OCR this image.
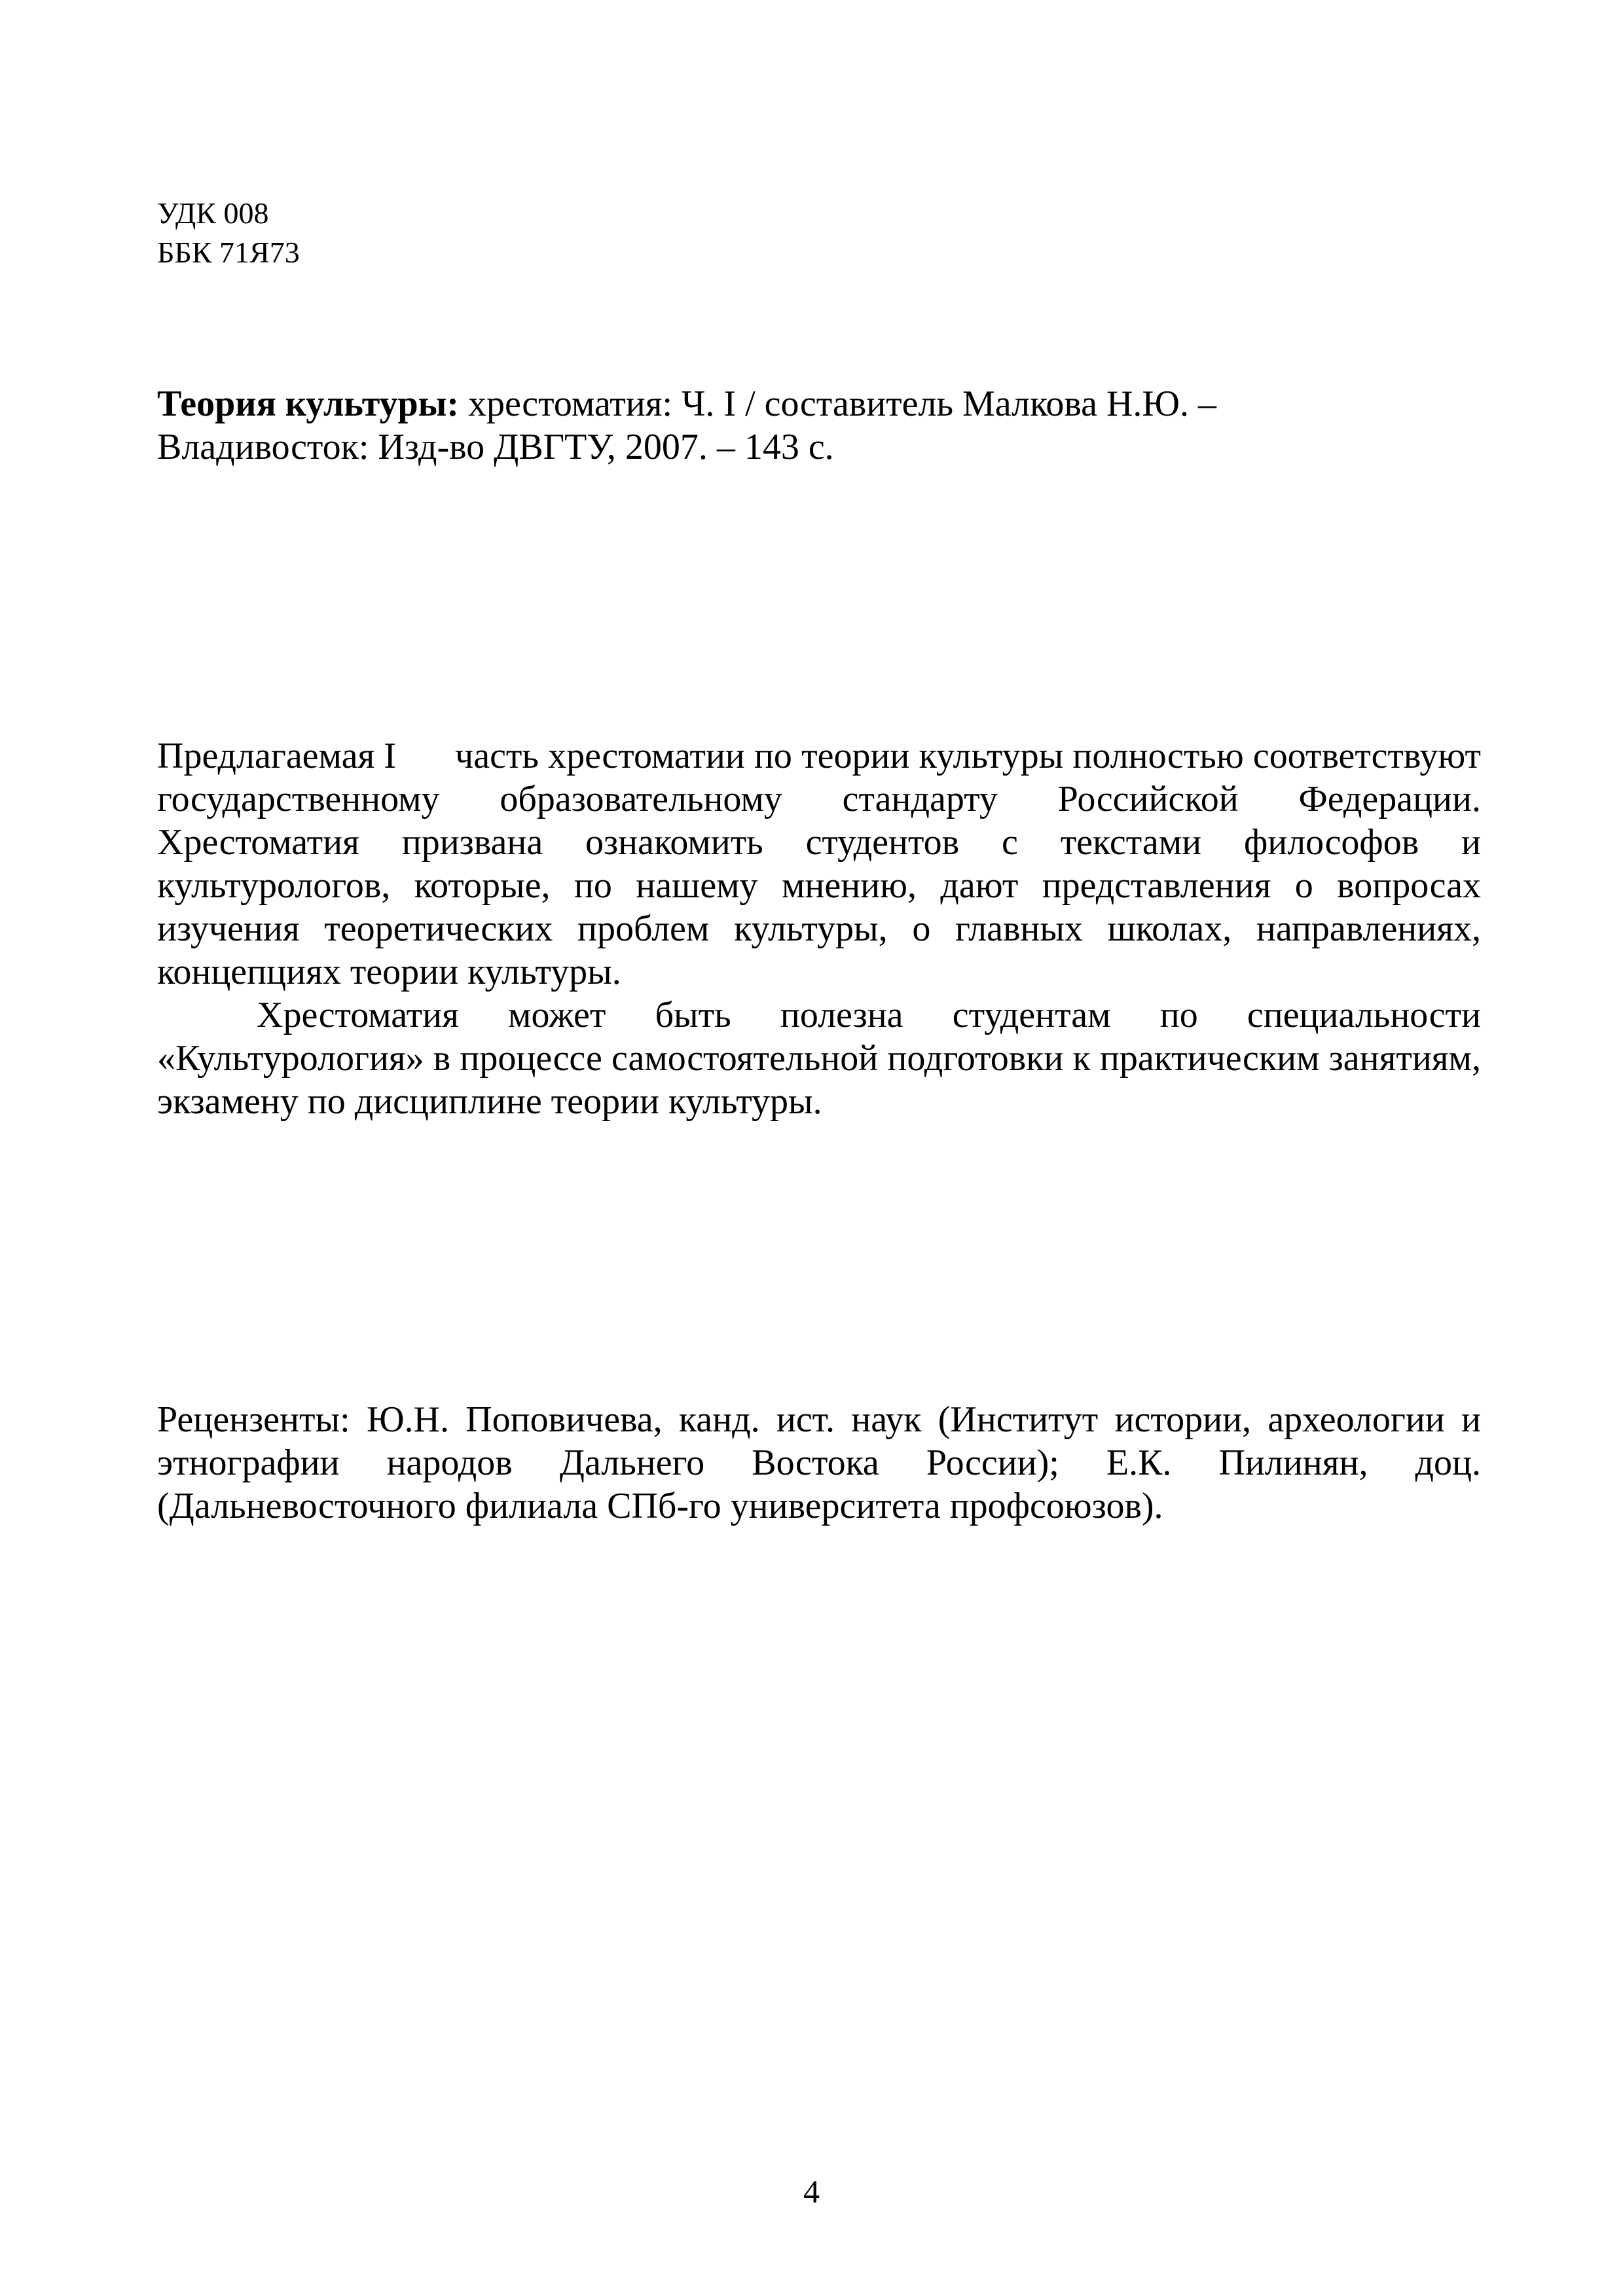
УДК 008
ББК 71Я73
Теория культуры: хрестоматия: Ч. I / составитель Малкова Н.Ю. –
Владивосток: Изд-во ДВГТУ, 2007. – 143 с.

Предлагаемая I часть хрестоматии по теории культуры полностью соответствуют государственному образовательному стандарту Российской Федерации. Хрестоматия призвана ознакомить студентов с текстами философов и культурологов, которые, по нашему мнению, дают представления о вопросах изучения теоретических проблем культуры, о главных школах, направлениях, концепциях теории культуры.

Хрестоматия может быть полезна студентам по специальности «Культурология» в процессе самостоятельной подготовки к практическим занятиям, экзамену по дисциплине теории культуры.

Рецензенты: Ю.Н. Поповичева, канд. ист. наук (Институт истории, археологии и этнографии народов Дальнего Востока России); Е.К. Пилинян, доц. (Дальневосточного филиала СПб-го университета профсоюзов).
4
